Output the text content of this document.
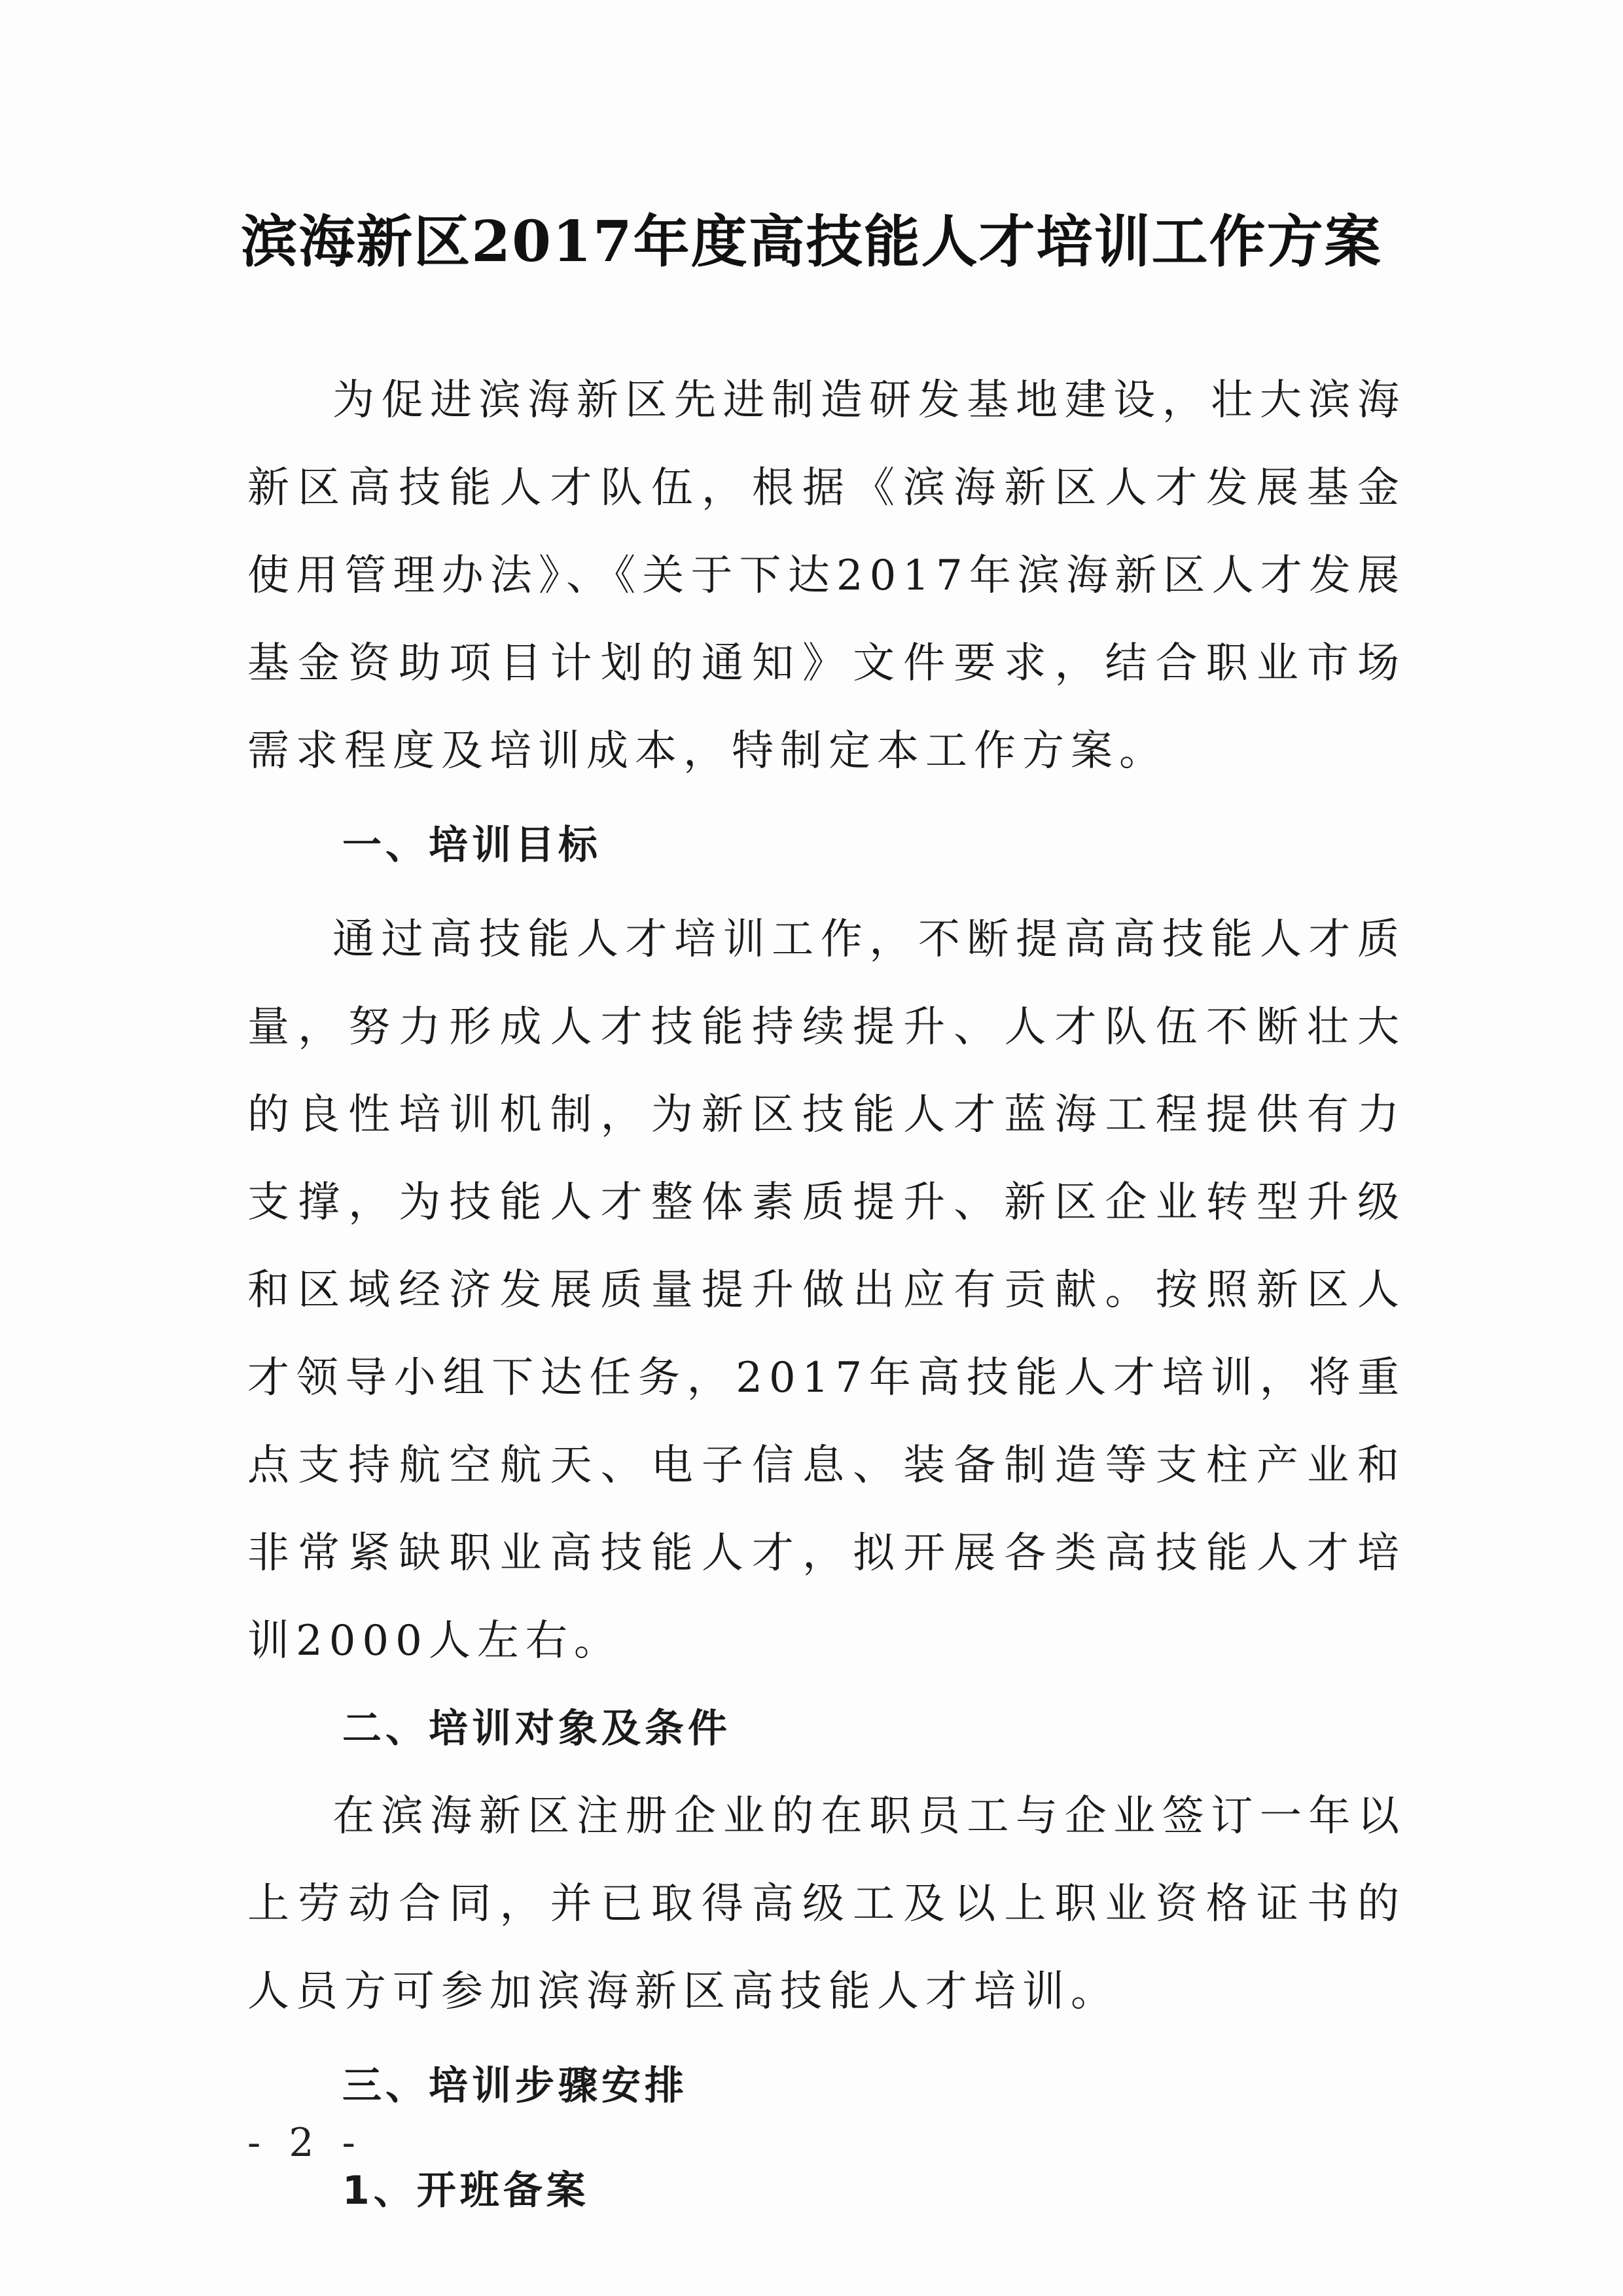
滨海新区2017年度高技能人才培训工作方案

为促进滨海新区先进制造研发基地建设，壮大滨海新区高技能人才队伍，根据《滨海新区人才发展基金使用管理办法》、《关于下达2017年滨海新区人才发展基金资助项目计划的通知》文件要求，结合职业市场需求程度及培训成本，特制定本工作方案。

一、培训目标

通过高技能人才培训工作，不断提高高技能人才质量，努力形成人才技能持续提升、人才队伍不断壮大的良性培训机制，为新区技能人才蓝海工程提供有力支撑，为技能人才整体素质提升、新区企业转型升级和区域经济发展质量提升做出应有贡献。按照新区人才领导小组下达任务，2017年高技能人才培训，将重点支持航空航天、电子信息、装备制造等支柱产业和非常紧缺职业高技能人才，拟开展各类高技能人才培训2000人左右。

二、培训对象及条件

在滨海新区注册企业的在职员工与企业签订一年以上劳动合同，并已取得高级工及以上职业资格证书的人员方可参加滨海新区高技能人才培训。

三、培训步骤安排

1、开班备案

- 2 -
